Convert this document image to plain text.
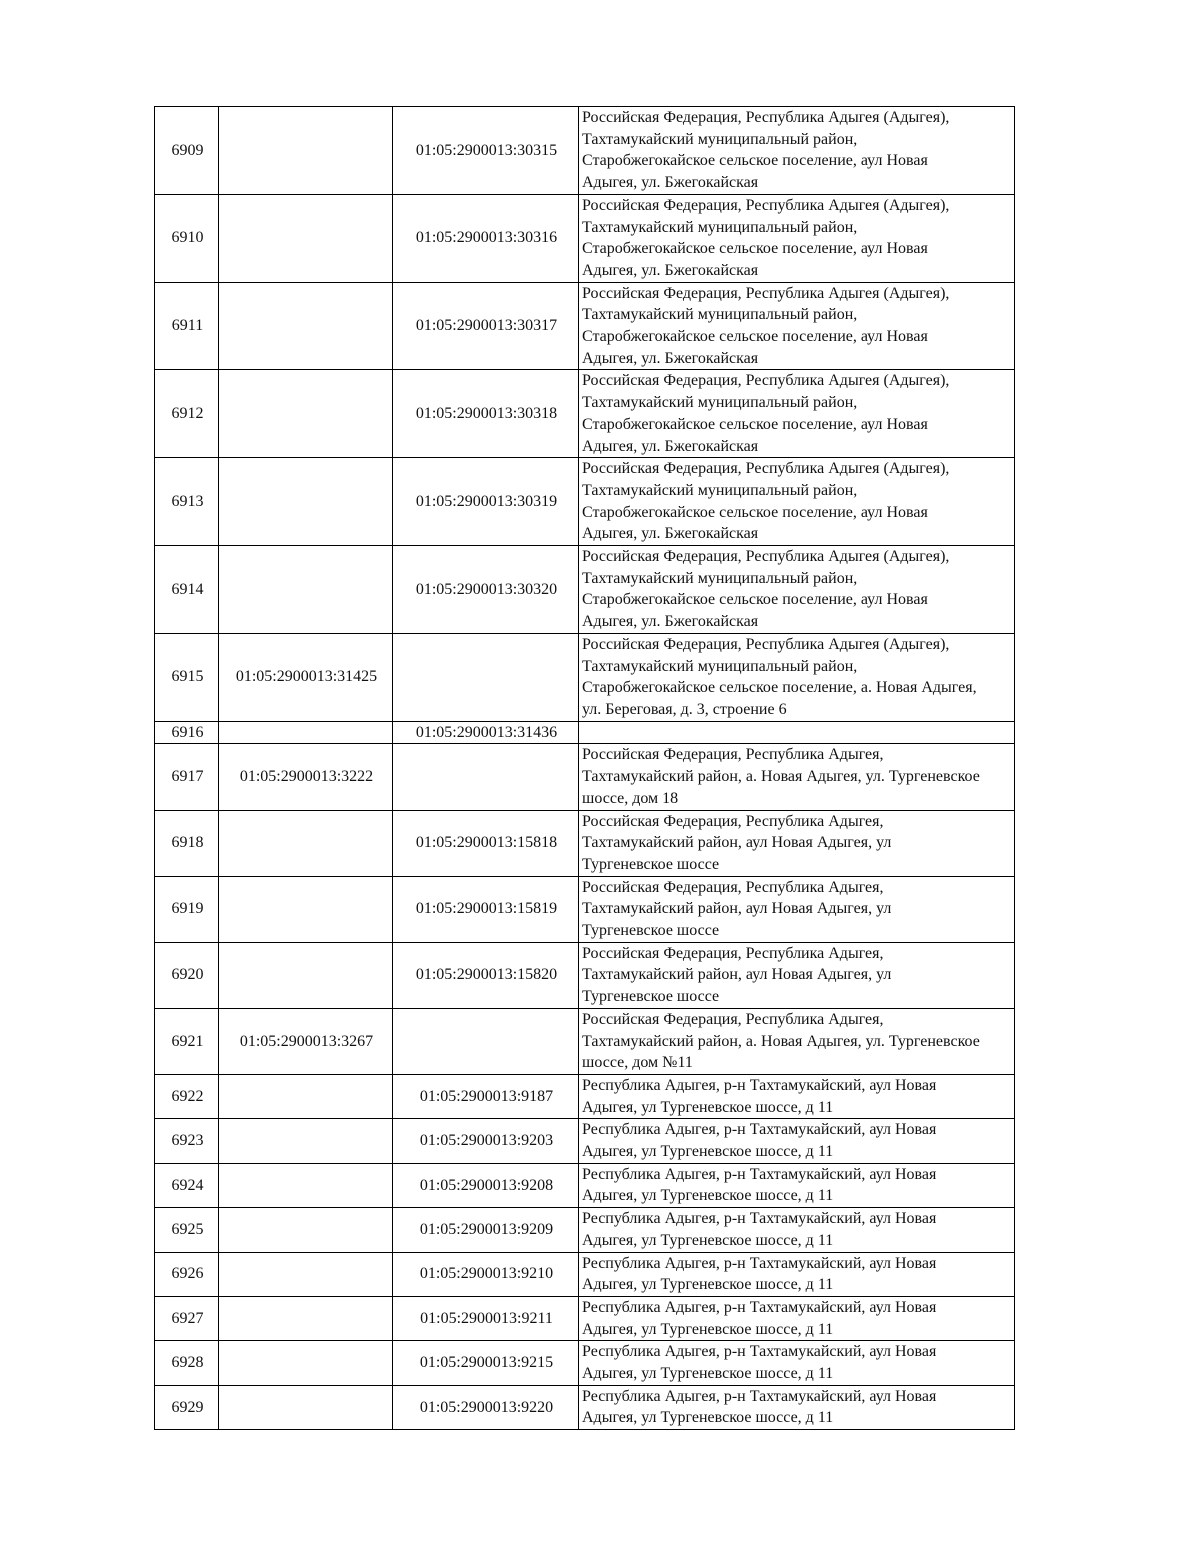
6909		01:05:2900013:30315	Российская Федерация, Республика Адыгея (Адыгея),
Тахтамукайский муниципальный район,
Старобжегокайское сельское поселение, аул Новая
Адыгея, ул. Бжегокайская

6910		01:05:2900013:30316	Российская Федерация, Республика Адыгея (Адыгея),
Тахтамукайский муниципальный район,
Старобжегокайское сельское поселение, аул Новая
Адыгея, ул. Бжегокайская

6911		01:05:2900013:30317	Российская Федерация, Республика Адыгея (Адыгея),
Тахтамукайский муниципальный район,
Старобжегокайское сельское поселение, аул Новая
Адыгея, ул. Бжегокайская

6912		01:05:2900013:30318	Российская Федерация, Республика Адыгея (Адыгея),
Тахтамукайский муниципальный район,
Старобжегокайское сельское поселение, аул Новая
Адыгея, ул. Бжегокайская

6913		01:05:2900013:30319	Российская Федерация, Республика Адыгея (Адыгея),
Тахтамукайский муниципальный район,
Старобжегокайское сельское поселение, аул Новая
Адыгея, ул. Бжегокайская

6914		01:05:2900013:30320	Российская Федерация, Республика Адыгея (Адыгея),
Тахтамукайский муниципальный район,
Старобжегокайское сельское поселение, аул Новая
Адыгея, ул. Бжегокайская

6915	01:05:2900013:31425		Российская Федерация, Республика Адыгея (Адыгея),
Тахтамукайский муниципальный район,
Старобжегокайское сельское поселение, а. Новая Адыгея,
ул. Береговая, д. 3, строение 6

6916		01:05:2900013:31436	
6917	01:05:2900013:3222		Российская Федерация, Республика Адыгея,
Тахтамукайский район, а. Новая Адыгея, ул. Тургеневское
шоссе, дом 18

6918		01:05:2900013:15818	Российская Федерация, Республика Адыгея,
Тахтамукайский район, аул Новая Адыгея, ул
Тургеневское шоссе

6919		01:05:2900013:15819	Российская Федерация, Республика Адыгея,
Тахтамукайский район, аул Новая Адыгея, ул
Тургеневское шоссе

6920		01:05:2900013:15820	Российская Федерация, Республика Адыгея,
Тахтамукайский район, аул Новая Адыгея, ул
Тургеневское шоссе

6921	01:05:2900013:3267		Российская Федерация, Республика Адыгея,
Тахтамукайский район, а. Новая Адыгея, ул. Тургеневское
шоссе, дом №11

6922		01:05:2900013:9187	Республика Адыгея, р-н Тахтамукайский, аул Новая
Адыгея, ул Тургеневское шоссе, д 11

6923		01:05:2900013:9203	Республика Адыгея, р-н Тахтамукайский, аул Новая
Адыгея, ул Тургеневское шоссе, д 11

6924		01:05:2900013:9208	Республика Адыгея, р-н Тахтамукайский, аул Новая
Адыгея, ул Тургеневское шоссе, д 11

6925		01:05:2900013:9209	Республика Адыгея, р-н Тахтамукайский, аул Новая
Адыгея, ул Тургеневское шоссе, д 11

6926		01:05:2900013:9210	Республика Адыгея, р-н Тахтамукайский, аул Новая
Адыгея, ул Тургеневское шоссе, д 11

6927		01:05:2900013:9211	Республика Адыгея, р-н Тахтамукайский, аул Новая
Адыгея, ул Тургеневское шоссе, д 11

6928		01:05:2900013:9215	Республика Адыгея, р-н Тахтамукайский, аул Новая
Адыгея, ул Тургеневское шоссе, д 11

6929		01:05:2900013:9220	Республика Адыгея, р-н Тахтамукайский, аул Новая
Адыгея, ул Тургеневское шоссе, д 11
